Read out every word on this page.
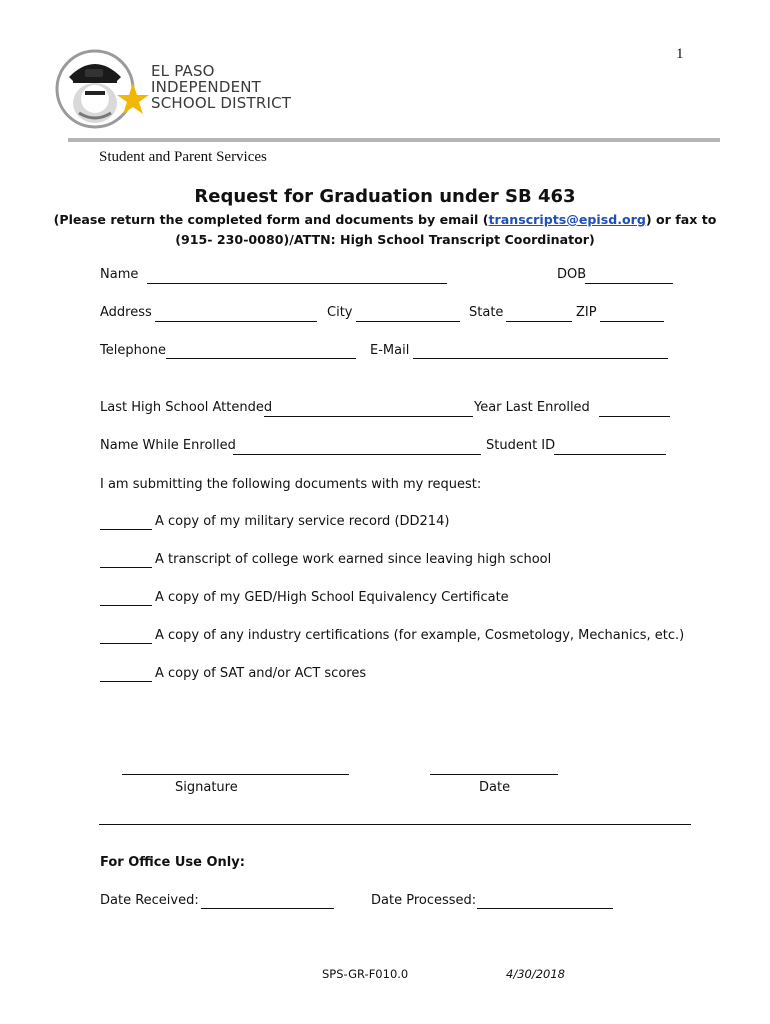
1
EL PASO
INDEPENDENT
SCHOOL DISTRICT
Student and Parent Services
Request for Graduation under SB 463
(Please return the completed form and documents by email (transcripts@episd.org) or fax to
(915- 230-0080)/ATTN: High School Transcript Coordinator)
Name	DOB
Address	City	State	ZIP
Telephone	E-Mail
Last High School Attended	Year Last Enrolled
Name While Enrolled	Student ID
I am submitting the following documents with my request:
A copy of my military service record (DD214)
A transcript of college work earned since leaving high school
A copy of my GED/High School Equivalency Certificate
A copy of any industry certifications (for example, Cosmetology, Mechanics, etc.)
A copy of SAT and/or ACT scores
Signature	Date
For Office Use Only:
Date Received:	Date Processed:
SPS-GR-F010.0	4/30/2018
